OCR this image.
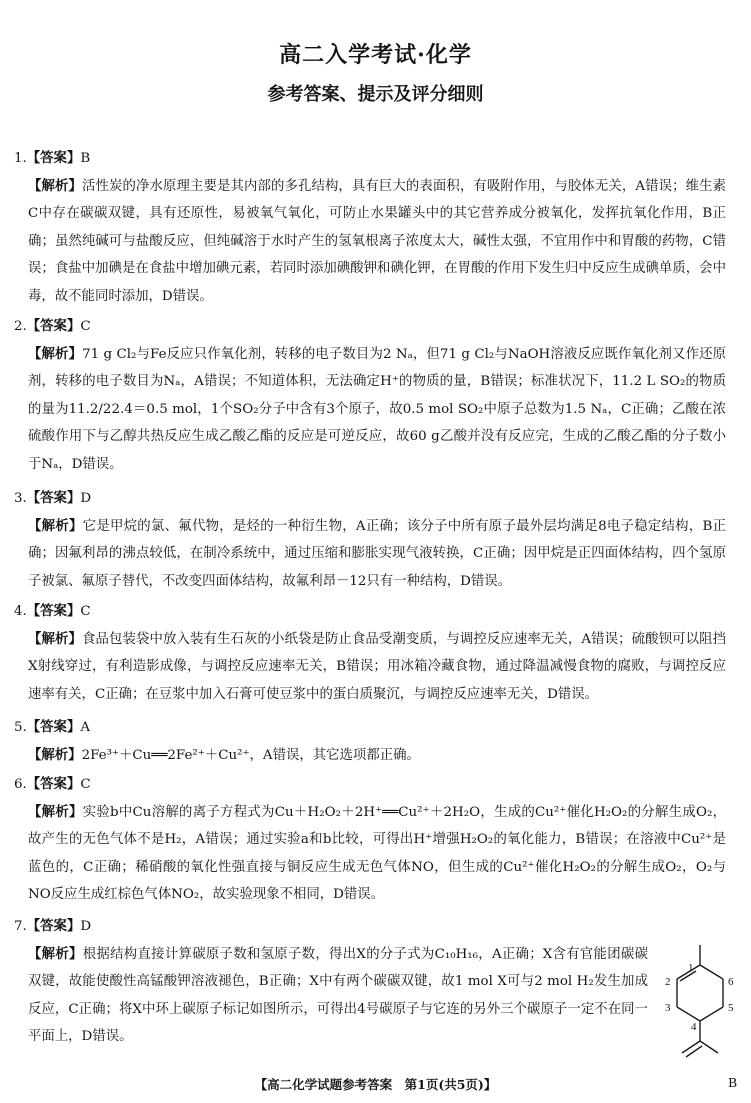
高二入学考试·化学
参考答案、提示及评分细则
1.【答案】B
【解析】活性炭的净水原理主要是其内部的多孔结构，具有巨大的表面积，有吸附作用，与胶体无关，A错误；维生素C中存在碳碳双键，具有还原性，易被氧气氧化，可防止水果罐头中的其它营养成分被氧化，发挥抗氧化作用，B正确；虽然纯碱可与盐酸反应，但纯碱溶于水时产生的氢氧根离子浓度太大，碱性太强，不宜用作中和胃酸的药物，C错误；食盐中加碘是在食盐中增加碘元素，若同时添加碘酸钾和碘化钾，在胃酸的作用下发生归中反应生成碘单质，会中毒，故不能同时添加，D错误。
2.【答案】C
【解析】71 g Cl₂与Fe反应只作氧化剂，转移的电子数目为2 Nₐ，但71 g Cl₂与NaOH溶液反应既作氧化剂又作还原剂，转移的电子数目为Nₐ，A错误；不知道体积，无法确定H⁺的物质的量，B错误；标准状况下，11.2 L SO₂的物质的量为11.2/22.4＝0.5 mol，1个SO₂分子中含有3个原子，故0.5 mol SO₂中原子总数为1.5 Nₐ，C正确；乙酸在浓硫酸作用下与乙醇共热反应生成乙酸乙酯的反应是可逆反应，故60 g乙酸并没有反应完，生成的乙酸乙酯的分子数小于Nₐ，D错误。
3.【答案】D
【解析】它是甲烷的氯、氟代物，是烃的一种衍生物，A正确；该分子中所有原子最外层均满足8电子稳定结构，B正确；因氟利昂的沸点较低，在制冷系统中，通过压缩和膨胀实现气液转换，C正确；因甲烷是正四面体结构，四个氢原子被氯、氟原子替代，不改变四面体结构，故氟利昂－12只有一种结构，D错误。
4.【答案】C
【解析】食品包装袋中放入装有生石灰的小纸袋是防止食品受潮变质，与调控反应速率无关，A错误；硫酸钡可以阻挡X射线穿过，有利造影成像，与调控反应速率无关，B错误；用冰箱冷藏食物，通过降温减慢食物的腐败，与调控反应速率有关，C正确；在豆浆中加入石膏可使豆浆中的蛋白质聚沉，与调控反应速率无关，D错误。
5.【答案】A
【解析】2Fe³⁺＋Cu══2Fe²⁺＋Cu²⁺，A错误，其它选项都正确。
6.【答案】C
【解析】实验b中Cu溶解的离子方程式为Cu＋H₂O₂＋2H⁺══Cu²⁺＋2H₂O，生成的Cu²⁺催化H₂O₂的分解生成O₂，故产生的无色气体不是H₂，A错误；通过实验a和b比较，可得出H⁺增强H₂O₂的氧化能力，B错误；在溶液中Cu²⁺是蓝色的，C正确；稀硝酸的氧化性强直接与铜反应生成无色气体NO，但生成的Cu²⁺催化H₂O₂的分解生成O₂，O₂与NO反应生成红棕色气体NO₂，故实验现象不相同，D错误。
7.【答案】D
【解析】根据结构直接计算碳原子数和氢原子数，得出X的分子式为C₁₀H₁₆，A正确；X含有官能团碳碳双键，故能使酸性高锰酸钾溶液褪色，B正确；X中有两个碳碳双键，故1 mol X可与2 mol H₂发生加成反应，C正确；将X中环上碳原子标记如图所示，可得出4号碳原子与它连的另外三个碳原子一定不在同一平面上，D错误。
1
2
3
4
5
6
【高二化学试题参考答案　第1页(共5页)】	B
